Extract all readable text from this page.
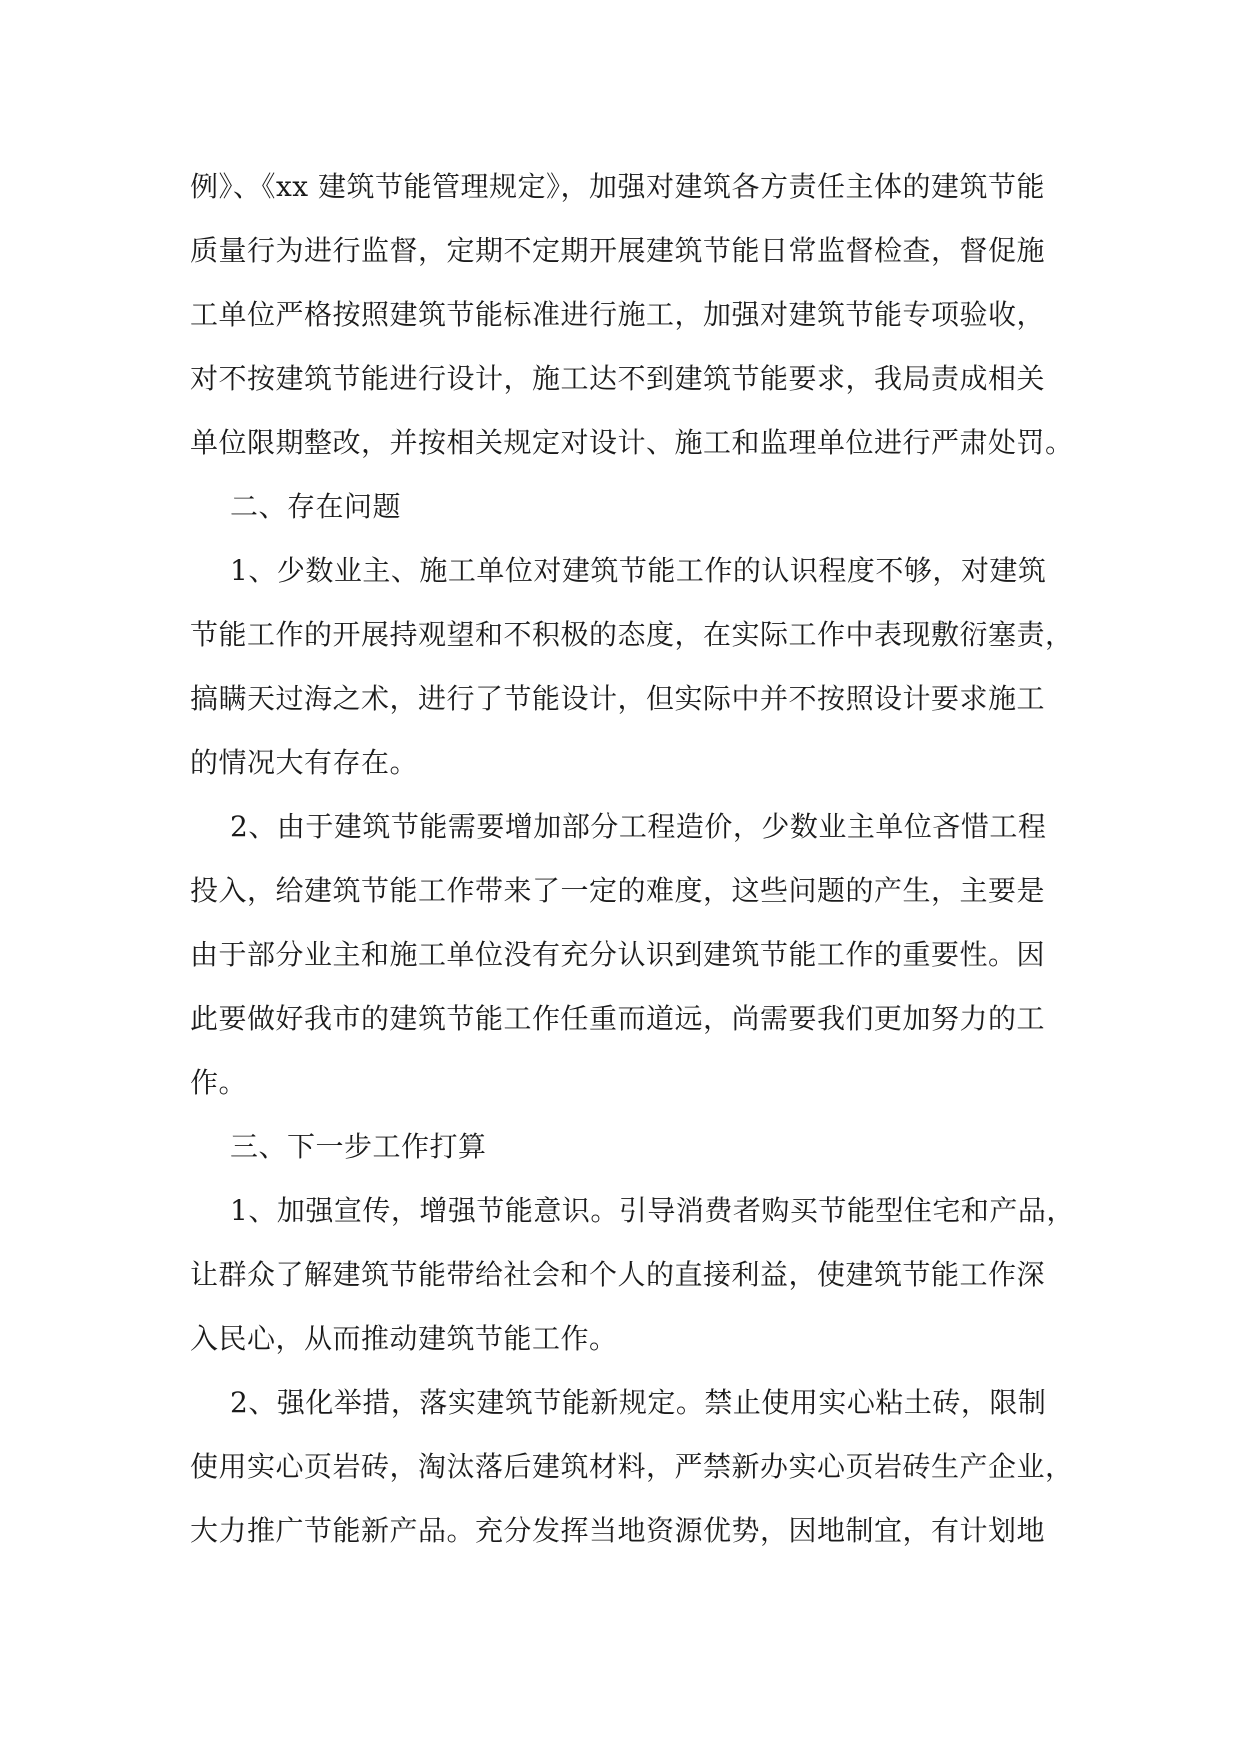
例》、《xx 建筑节能管理规定》，加强对建筑各方责任主体的建筑节能
质量行为进行监督，定期不定期开展建筑节能日常监督检查，督促施
工单位严格按照建筑节能标准进行施工，加强对建筑节能专项验收，
对不按建筑节能进行设计，施工达不到建筑节能要求，我局责成相关
单位限期整改，并按相关规定对设计、施工和监理单位进行严肃处罚。
二、存在问题
1、少数业主、施工单位对建筑节能工作的认识程度不够，对建筑
节能工作的开展持观望和不积极的态度，在实际工作中表现敷衍塞责，
搞瞒天过海之术，进行了节能设计，但实际中并不按照设计要求施工
的情况大有存在。
2、由于建筑节能需要增加部分工程造价，少数业主单位吝惜工程
投入，给建筑节能工作带来了一定的难度，这些问题的产生，主要是
由于部分业主和施工单位没有充分认识到建筑节能工作的重要性。因
此要做好我市的建筑节能工作任重而道远，尚需要我们更加努力的工
作。
三、下一步工作打算
1、加强宣传，增强节能意识。引导消费者购买节能型住宅和产品，
让群众了解建筑节能带给社会和个人的直接利益，使建筑节能工作深
入民心，从而推动建筑节能工作。
2、强化举措，落实建筑节能新规定。禁止使用实心粘土砖，限制
使用实心页岩砖，淘汰落后建筑材料，严禁新办实心页岩砖生产企业，
大力推广节能新产品。充分发挥当地资源优势，因地制宜，有计划地
